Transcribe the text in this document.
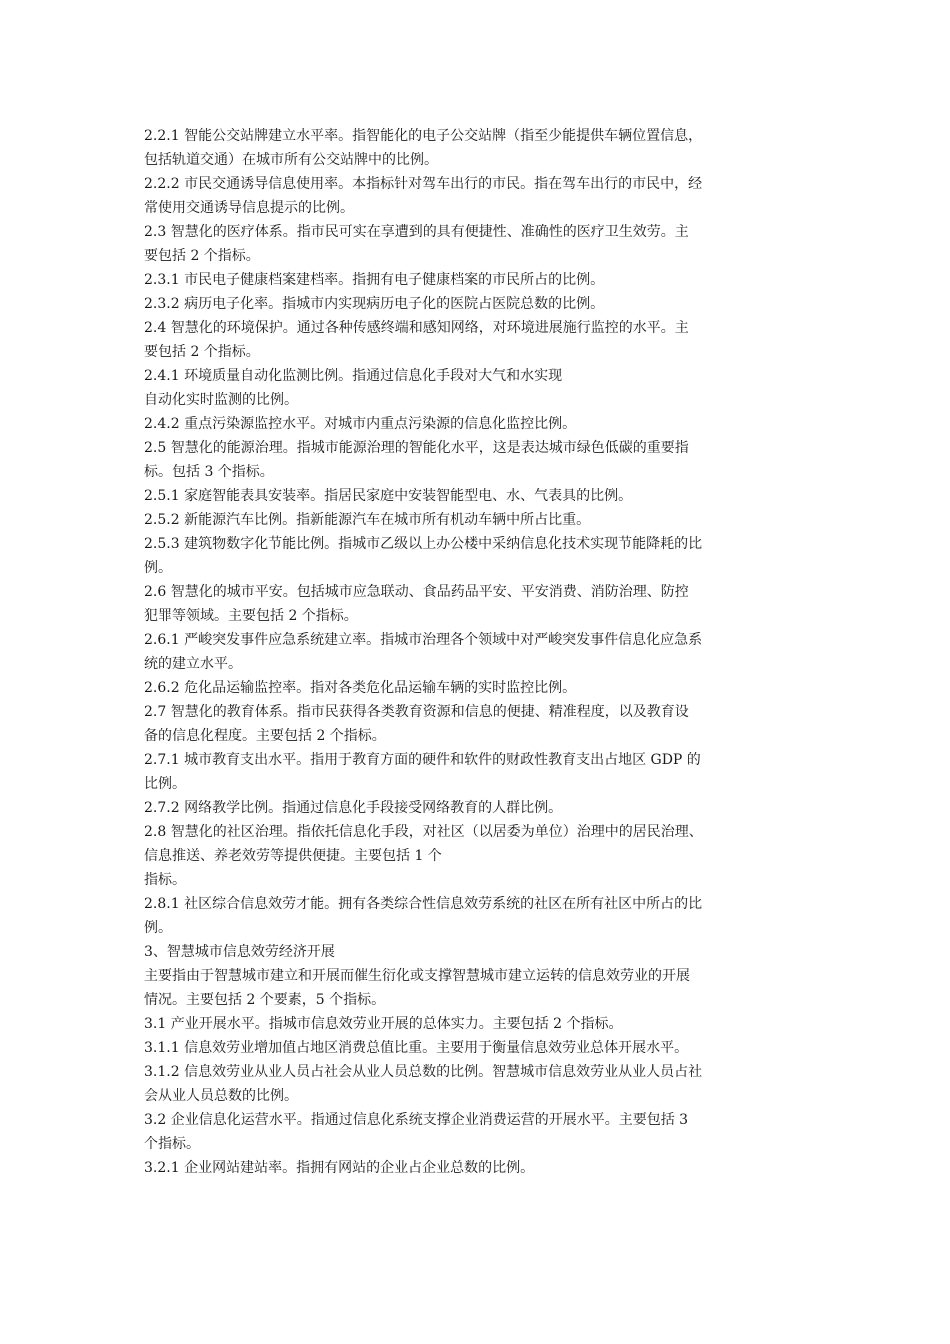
2.2.1 智能公交站牌建立水平率。指智能化的电子公交站牌（指至少能提供车辆位置信息，
包括轨道交通）在城市所有公交站牌中的比例。
2.2.2 市民交通诱导信息使用率。本指标针对驾车出行的市民。指在驾车出行的市民中，经
常使用交通诱导信息提示的比例。
2.3 智慧化的医疗体系。指市民可实在享遭到的具有便捷性、准确性的医疗卫生效劳。主
要包括 2 个指标。
2.3.1 市民电子健康档案建档率。指拥有电子健康档案的市民所占的比例。
2.3.2 病历电子化率。指城市内实现病历电子化的医院占医院总数的比例。
2.4 智慧化的环境保护。通过各种传感终端和感知网络，对环境进展施行监控的水平。主
要包括 2 个指标。
2.4.1 环境质量自动化监测比例。指通过信息化手段对大气和水实现
自动化实时监测的比例。
2.4.2 重点污染源监控水平。对城市内重点污染源的信息化监控比例。
2.5 智慧化的能源治理。指城市能源治理的智能化水平，这是表达城市绿色低碳的重要指
标。包括 3 个指标。
2.5.1 家庭智能表具安装率。指居民家庭中安装智能型电、水、气表具的比例。
2.5.2 新能源汽车比例。指新能源汽车在城市所有机动车辆中所占比重。
2.5.3 建筑物数字化节能比例。指城市乙级以上办公楼中采纳信息化技术实现节能降耗的比
例。
2.6 智慧化的城市平安。包括城市应急联动、食品药品平安、平安消费、消防治理、防控
犯罪等领域。主要包括 2 个指标。
2.6.1 严峻突发事件应急系统建立率。指城市治理各个领域中对严峻突发事件信息化应急系
统的建立水平。
2.6.2 危化品运输监控率。指对各类危化品运输车辆的实时监控比例。
2.7 智慧化的教育体系。指市民获得各类教育资源和信息的便捷、精准程度，以及教育设
备的信息化程度。主要包括 2 个指标。
2.7.1 城市教育支出水平。指用于教育方面的硬件和软件的财政性教育支出占地区 GDP 的
比例。
2.7.2 网络教学比例。指通过信息化手段接受网络教育的人群比例。
2.8 智慧化的社区治理。指依托信息化手段，对社区（以居委为单位）治理中的居民治理、
信息推送、养老效劳等提供便捷。主要包括 1 个
指标。
2.8.1 社区综合信息效劳才能。拥有各类综合性信息效劳系统的社区在所有社区中所占的比
例。
3、智慧城市信息效劳经济开展
主要指由于智慧城市建立和开展而催生衍化或支撑智慧城市建立运转的信息效劳业的开展
情况。主要包括 2 个要素，5 个指标。
3.1 产业开展水平。指城市信息效劳业开展的总体实力。主要包括 2 个指标。
3.1.1 信息效劳业增加值占地区消费总值比重。主要用于衡量信息效劳业总体开展水平。
3.1.2 信息效劳业从业人员占社会从业人员总数的比例。智慧城市信息效劳业从业人员占社
会从业人员总数的比例。
3.2 企业信息化运营水平。指通过信息化系统支撑企业消费运营的开展水平。主要包括 3
个指标。
3.2.1 企业网站建站率。指拥有网站的企业占企业总数的比例。
